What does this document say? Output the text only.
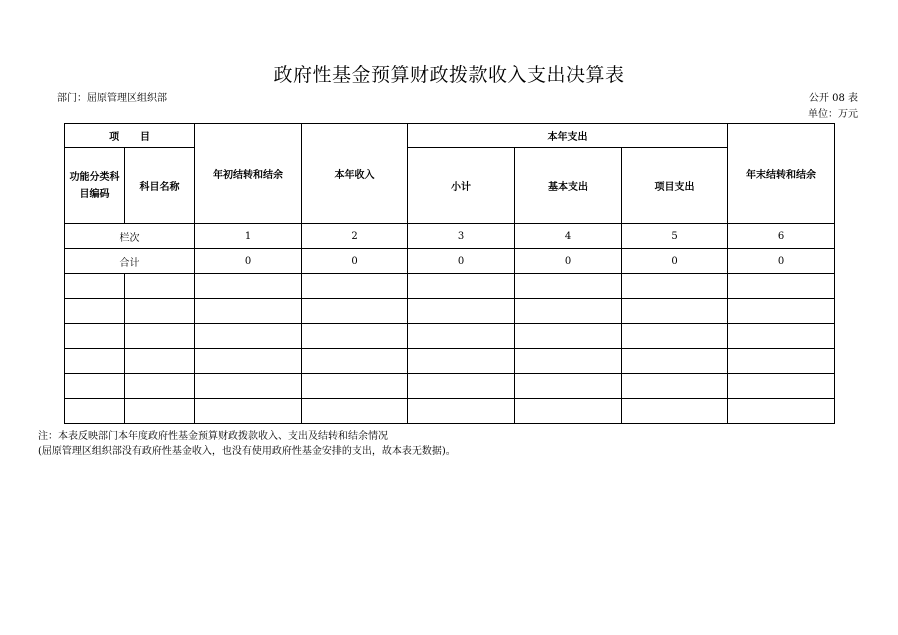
政府性基金预算财政拨款收入支出决算表
部门：屈原管理区组织部	公开 08 表
单位：万元
项      目		年初结转和结余	本年收入	本年支出			年末结转和结余
功能分类科目编码	科目名称			小计	基本支出	项目支出	
栏次		1	2	3	4	5	6
合计		0	0	0	0	0	0

注：本表反映部门本年度政府性基金预算财政拨款收入、支出及结转和结余情况
(屈原管理区组织部没有政府性基金收入，也没有使用政府性基金安排的支出，故本表无数据)。
